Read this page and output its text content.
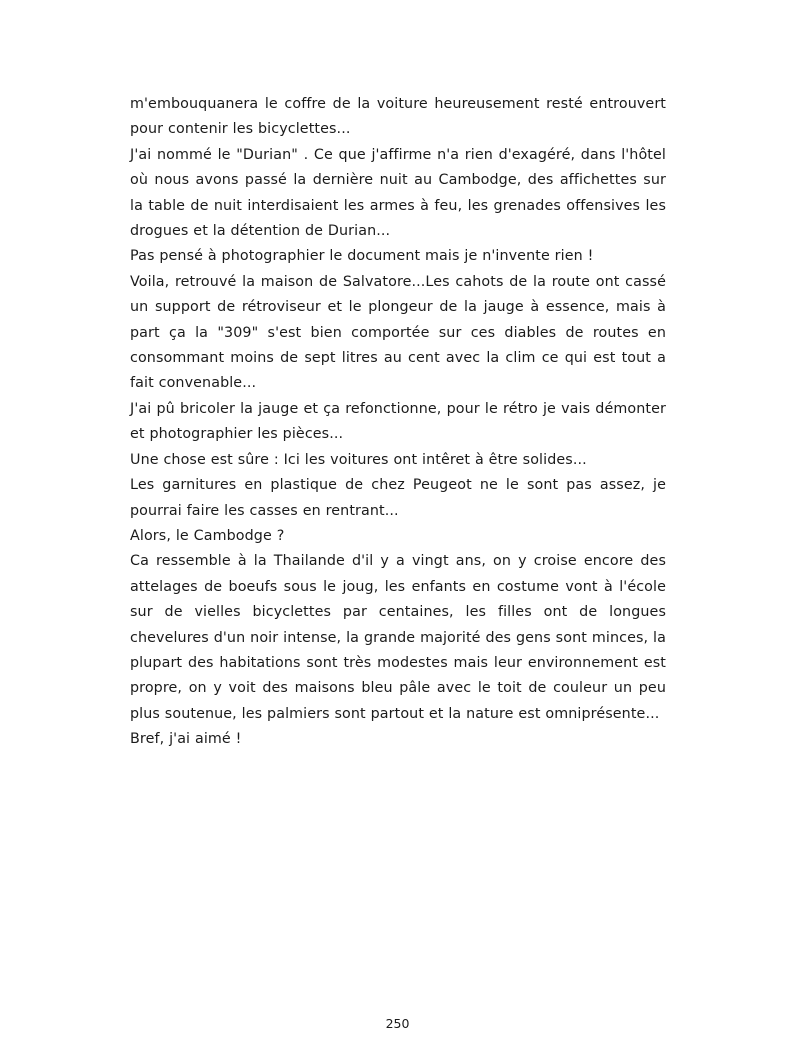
m'embouquanera le coffre de la voiture heureusement resté entrouvert pour contenir les bicyclettes...

J'ai nommé le "Durian" . Ce que j'affirme n'a rien d'exagéré, dans l'hôtel où nous avons passé la dernière nuit au Cambodge, des affichettes sur la table de nuit interdisaient les armes à feu, les grenades offensives les drogues et la détention de Durian...

Pas pensé à photographier le document mais je n'invente rien !

Voila, retrouvé la maison de Salvatore...Les cahots de la route ont cassé un support de rétroviseur et le plongeur de la jauge à essence, mais à part ça la "309" s'est bien comportée sur ces diables de routes en consommant moins de sept litres au cent avec la clim ce qui est tout a fait convenable...

J'ai pû bricoler la jauge et ça refonctionne, pour le rétro je vais démonter et photographier les pièces...

Une chose est sûre : Ici les voitures ont intêret à être solides...

Les garnitures en plastique de chez Peugeot ne le sont pas assez, je pourrai faire les casses en rentrant...

Alors, le Cambodge ?

Ca ressemble à la Thailande d'il y a vingt ans, on y croise encore des attelages de boeufs sous le joug, les enfants en costume vont à l'école sur de vielles bicyclettes par centaines, les filles ont de longues chevelures d'un noir intense, la grande majorité des gens sont minces, la plupart des habitations sont très modestes mais leur environnement est propre, on y voit des maisons bleu pâle avec le toit de couleur un peu plus soutenue, les palmiers sont partout et la nature est omniprésente...

Bref, j'ai aimé !

250
